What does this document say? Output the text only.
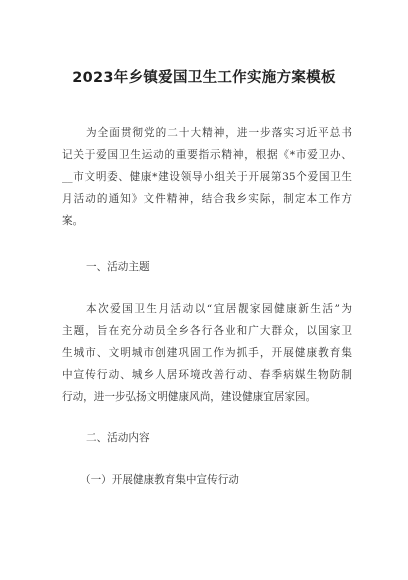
2023年乡镇爱国卫生工作实施方案模板
为全面贯彻党的二十大精神，进一步落实习近平总书
记关于爱国卫生运动的重要指示精神，根据《*市爱卫办、
__市文明委、健康*建设领导小组关于开展第35个爱国卫生
月活动的通知》文件精神，结合我乡实际，制定本工作方
案。
一、活动主题
本次爱国卫生月活动以“宜居靓家园健康新生活”为
主题，旨在充分动员全乡各行各业和广大群众，以国家卫
生城市、文明城市创建巩固工作为抓手，开展健康教育集
中宣传行动、城乡人居环境改善行动、春季病媒生物防制
行动，进一步弘扬文明健康风尚，建设健康宜居家园。
二、活动内容
（一）开展健康教育集中宣传行动
